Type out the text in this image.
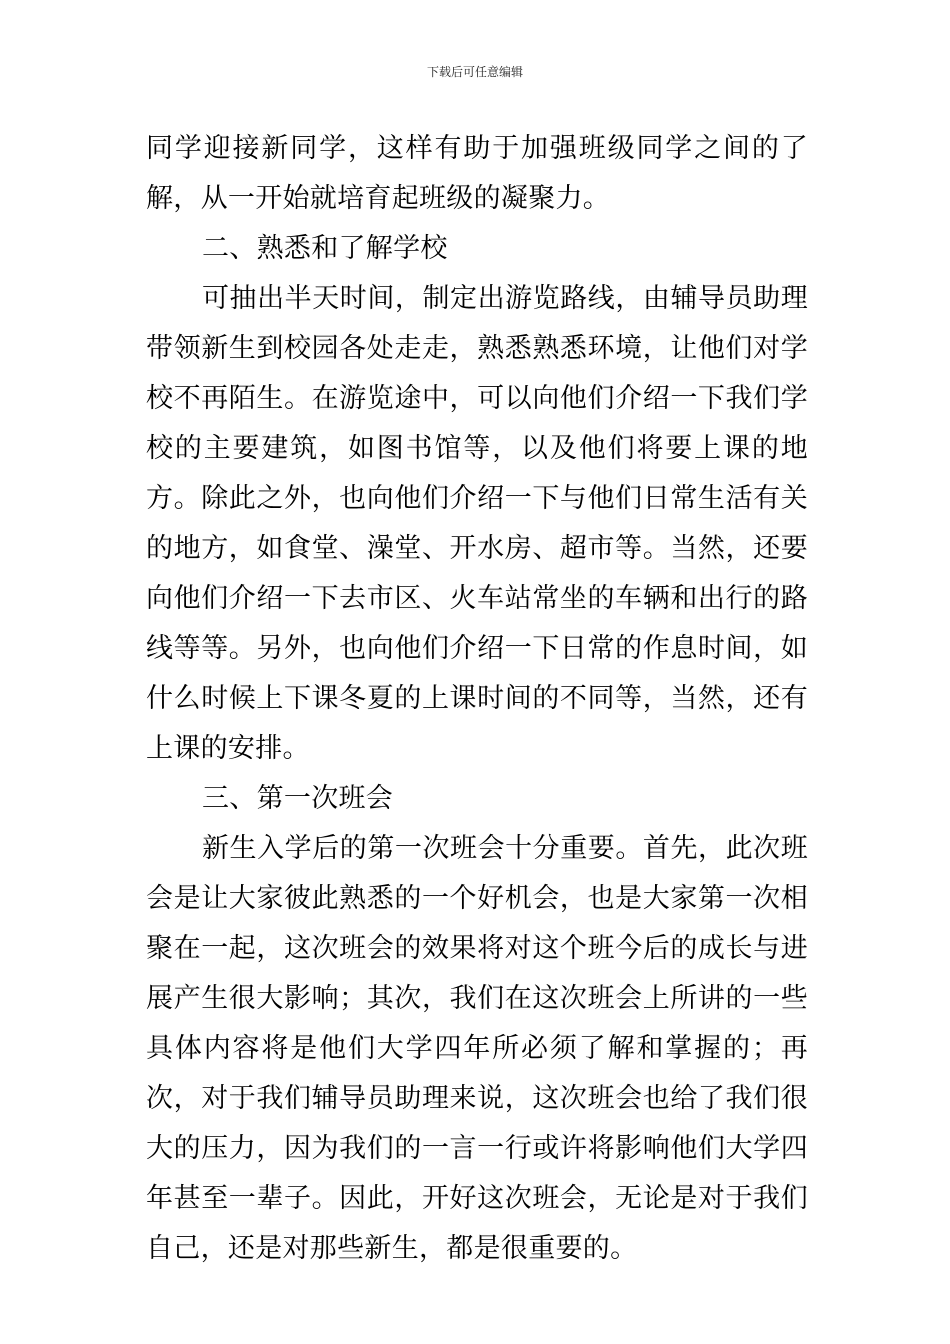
下载后可任意编辑

同学迎接新同学，这样有助于加强班级同学之间的了解，从一开始就培育起班级的凝聚力。

二、熟悉和了解学校

可抽出半天时间，制定出游览路线，由辅导员助理带领新生到校园各处走走，熟悉熟悉环境，让他们对学校不再陌生。在游览途中，可以向他们介绍一下我们学校的主要建筑，如图书馆等，以及他们将要上课的地方。除此之外，也向他们介绍一下与他们日常生活有关的地方，如食堂、澡堂、开水房、超市等。当然，还要向他们介绍一下去市区、火车站常坐的车辆和出行的路线等等。另外，也向他们介绍一下日常的作息时间，如什么时候上下课冬夏的上课时间的不同等，当然，还有上课的安排。

三、第一次班会

新生入学后的第一次班会十分重要。首先，此次班会是让大家彼此熟悉的一个好机会，也是大家第一次相聚在一起，这次班会的效果将对这个班今后的成长与进展产生很大影响；其次，我们在这次班会上所讲的一些具体内容将是他们大学四年所必须了解和掌握的；再次，对于我们辅导员助理来说，这次班会也给了我们很大的压力，因为我们的一言一行或许将影响他们大学四年甚至一辈子。因此，开好这次班会，无论是对于我们自己，还是对那些新生，都是很重要的。
